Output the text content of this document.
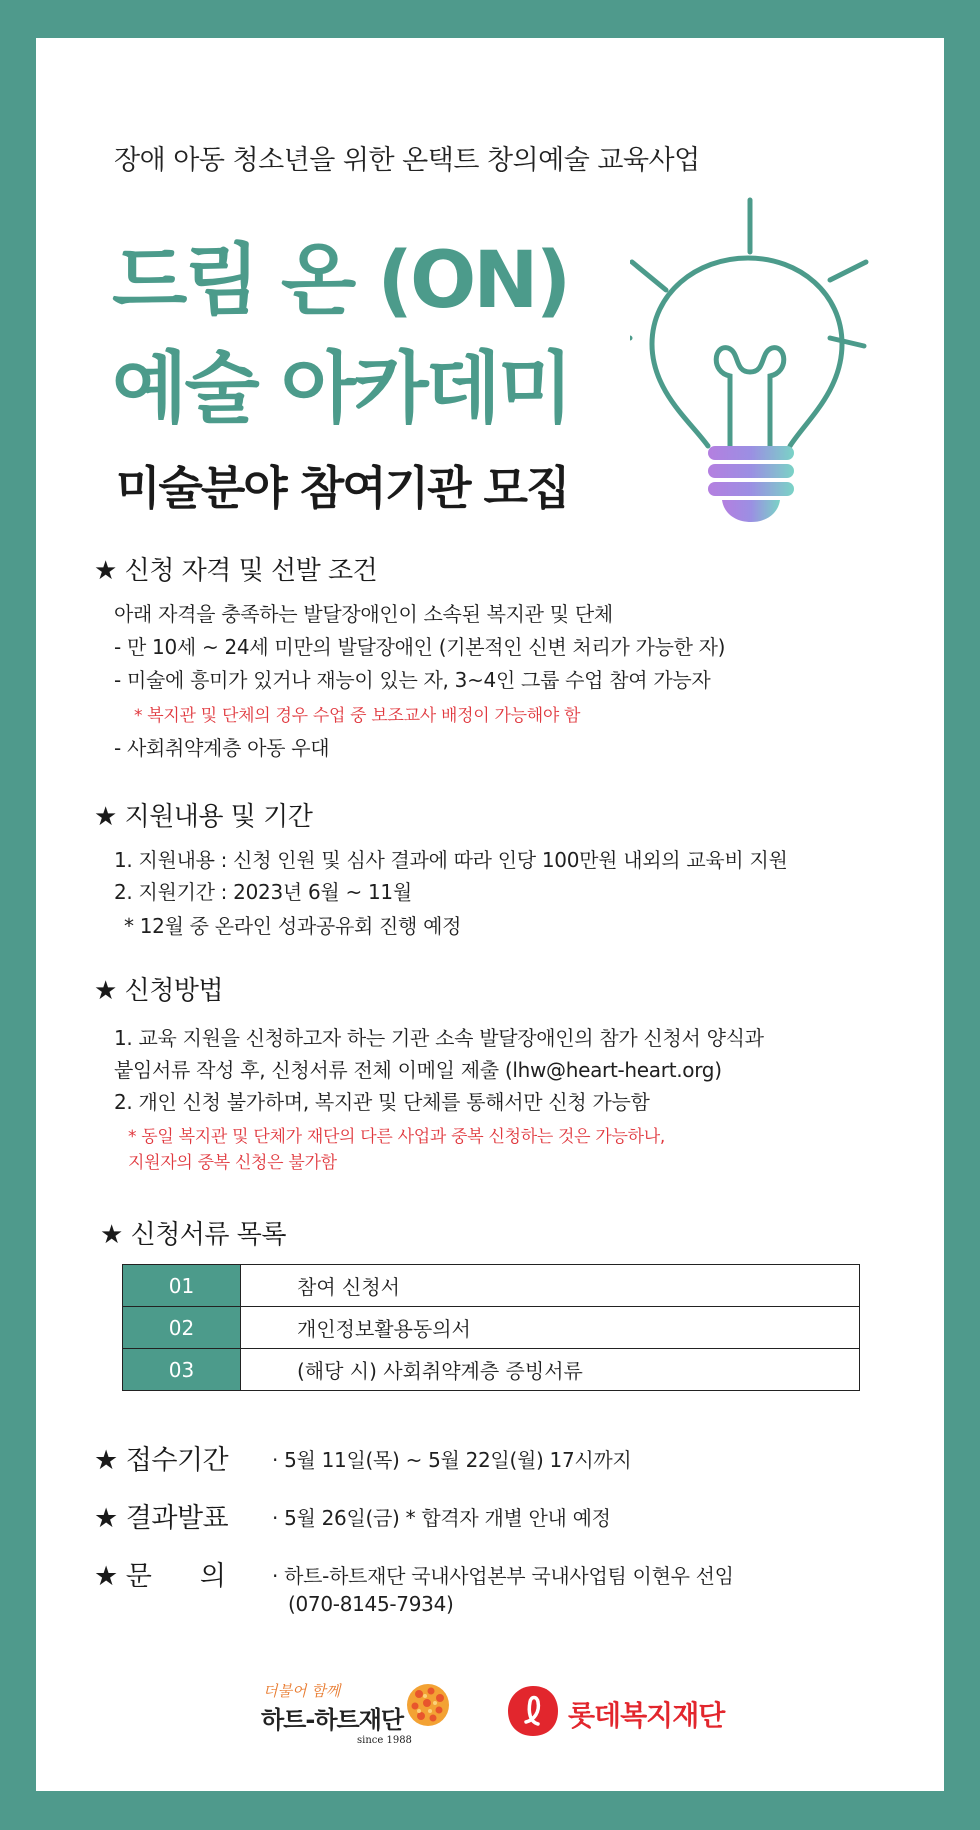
장애 아동 청소년을 위한 온택트 창의예술 교육사업
드림 온 (ON)
예술 아카데미
미술분야 참여기관 모집
★ 신청 자격 및 선발 조건
아래 자격을 충족하는 발달장애인이 소속된 복지관 및 단체
- 만 10세 ~ 24세 미만의 발달장애인 (기본적인 신변 처리가 가능한 자)
- 미술에 흥미가 있거나 재능이 있는 자, 3~4인 그룹 수업 참여 가능자
* 복지관 및 단체의 경우 수업 중 보조교사 배정이 가능해야 함
- 사회취약계층 아동 우대
★ 지원내용 및 기간
1. 지원내용 : 신청 인원 및 심사 결과에 따라 인당 100만원 내외의 교육비 지원
2. 지원기간 : 2023년 6월 ~ 11월
* 12월 중 온라인 성과공유회 진행 예정
★ 신청방법
1. 교육 지원을 신청하고자 하는 기관 소속 발달장애인의 참가 신청서 양식과
붙임서류 작성 후, 신청서류 전체 이메일 제출 (lhw@heart-heart.org)
2. 개인 신청 불가하며, 복지관 및 단체를 통해서만 신청 가능함
* 동일 복지관 및 단체가 재단의 다른 사업과 중복 신청하는 것은 가능하나,
지원자의 중복 신청은 불가함
★ 신청서류 목록
01	참여 신청서
02	개인정보활용동의서
03	(해당 시) 사회취약계층 증빙서류
★ 접수기간 · 5월 11일(목) ~ 5월 22일(월) 17시까지
★ 결과발표 · 5월 26일(금) * 합격자 개별 안내 예정
★ 문      의 · 하트-하트재단 국내사업본부 국내사업팀 이현우 선임
(070-8145-7934)
더불어 함께
하트-하트재단
since 1988
롯데복지재단
